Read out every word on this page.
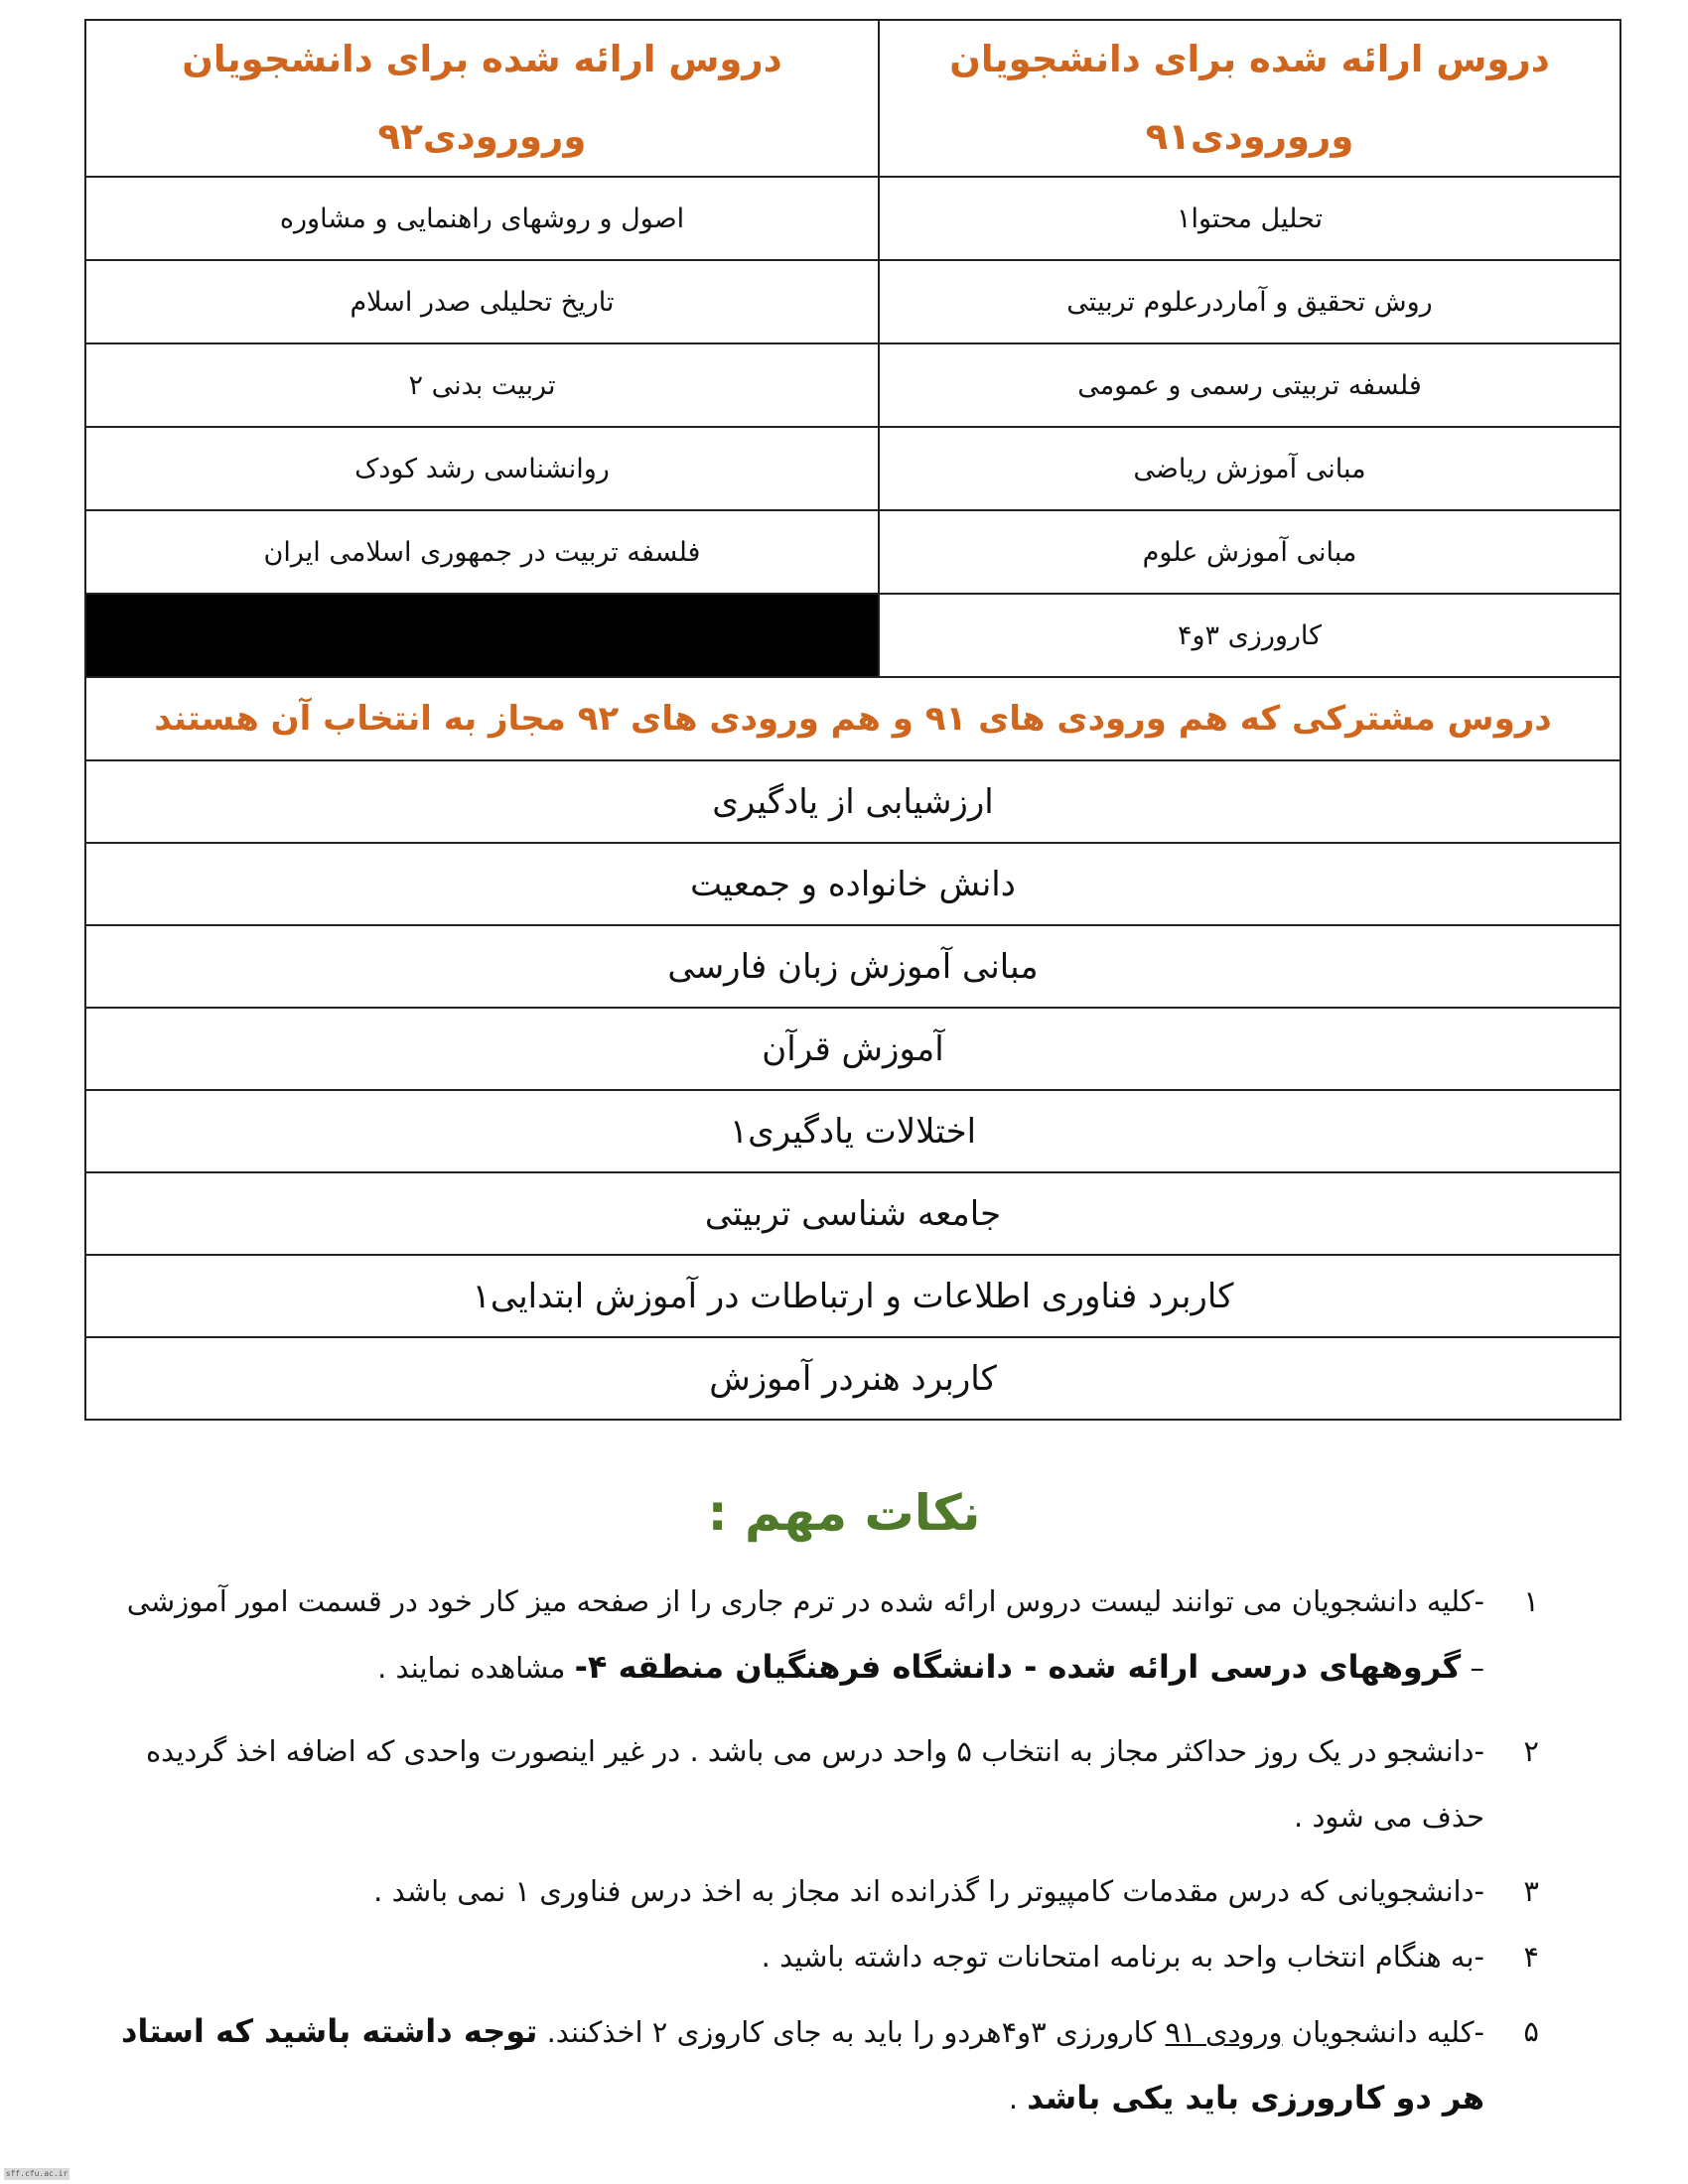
دروس ارائه شده برای دانشجویان ورورودی۹۱	دروس ارائه شده برای دانشجویان ورورودی۹۲
تحلیل محتوا۱	اصول و روشهای راهنمایی و مشاوره
روش تحقیق و آماردرعلوم تربیتی	تاریخ تحلیلی صدر اسلام
فلسفه تربیتی رسمی و عمومی	تربیت بدنی ۲
مبانی آموزش ریاضی	روانشناسی رشد کودک
مبانی آموزش علوم	فلسفه تربیت در جمهوری اسلامی ایران
کارورزی ۳و۴	
دروس مشترکی که هم ورودی های ۹۱ و هم ورودی های ۹۲ مجاز به انتخاب آن هستند	
ارزشیابی از یادگیری	
دانش خانواده و جمعیت	
مبانی آموزش زبان فارسی	
آموزش قرآن	
اختلالات یادگیری۱	
جامعه شناسی تربیتی	
کاربرد فناوری اطلاعات و ارتباطات در آموزش ابتدایی۱	
کاربرد هنردر آموزش	
نکات مهم :
۱
-کلیه دانشجویان می توانند لیست دروس ارائه شده در ترم جاری را از صفحه میز کار خود در قسمت امور آموزشی – گروههای درسی ارائه شده - دانشگاه فرهنگیان منطقه ۴- مشاهده نمایند .
۲
-دانشجو در یک روز حداکثر مجاز به انتخاب ۵ واحد درس می باشد . در غیر اینصورت واحدی که اضافه اخذ گردیده حذف می شود .
۳
-دانشجویانی که درس مقدمات کامپیوتر را گذرانده اند مجاز به اخذ درس فناوری ۱ نمی باشد .
۴
-به هنگام انتخاب واحد به برنامه امتحانات توجه داشته باشید .
۵
-کلیه دانشجویان ورودی ۹۱ کارورزی ۳و۴هردو را باید به جای کاروزی ۲ اخذکنند. توجه داشته باشید که استاد هر دو کارورزی باید یکی باشد .
sff.cfu.ac.ir
